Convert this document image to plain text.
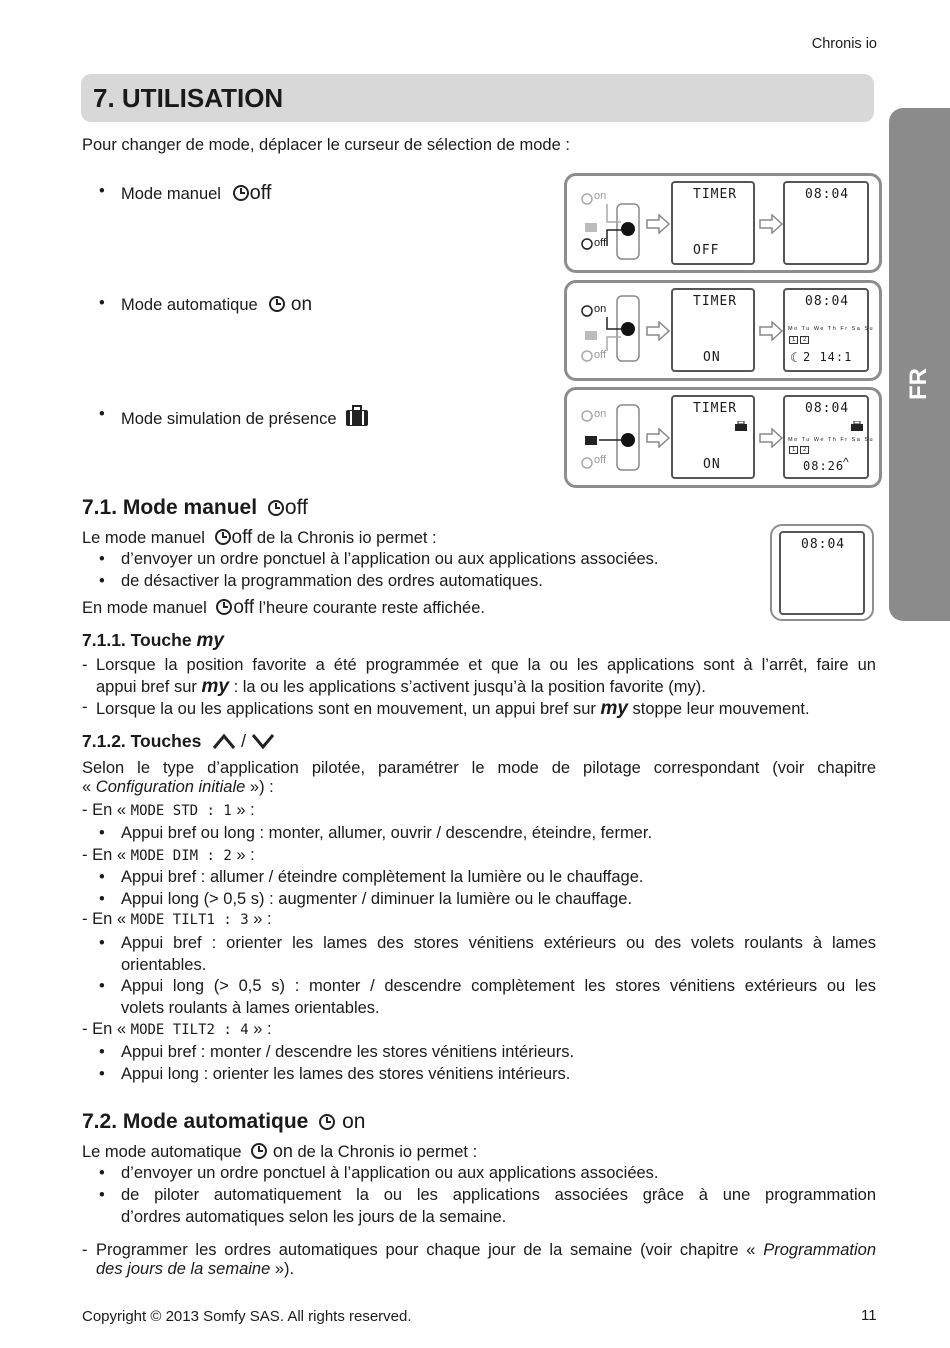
Chronis io
7. UTILISATION
FR
Pour changer de mode, déplacer le curseur de sélection de mode :
• Mode manuel off
• Mode automatique on
• Mode simulation de présence
on
off
TIMER
OFF
08:04
on
off
TIMER
ON
08:04
Mo Tu We Th Fr Sa Su
1 2
☾ 2 14:1
on
off
TIMER
ON
08:04
Mo Tu We Th Fr Sa Su
1 2
08:26
^
7.1. Mode manuel off
Le mode manuel off de la Chronis io permet :
• d’envoyer un ordre ponctuel à l’application ou aux applications associées.
• de désactiver la programmation des ordres automatiques.
En mode manuel off l’heure courante reste affichée.
08:04
7.1.1. Touche my
- Lorsque la position favorite a été programmée et que la ou les applications sont à l’arrêt, faire un
appui bref sur my : la ou les applications s’activent jusqu’à la position favorite (my).
- Lorsque la ou les applications sont en mouvement, un appui bref sur my stoppe leur mouvement.
7.1.2. Touches /
Selon le type d’application pilotée, paramétrer le mode de pilotage correspondant (voir chapitre
« Configuration initiale ») :
- En « MODE STD : 1 » :
• Appui bref ou long : monter, allumer, ouvrir / descendre, éteindre, fermer.
- En « MODE DIM : 2 » :
• Appui bref : allumer / éteindre complètement la lumière ou le chauffage.
• Appui long (> 0,5 s) : augmenter / diminuer la lumière ou le chauffage.
- En « MODE TILT1 : 3 » :
• Appui bref : orienter les lames des stores vénitiens extérieurs ou des volets roulants à lames
orientables.
• Appui long (> 0,5 s) : monter / descendre complètement les stores vénitiens extérieurs ou les
volets roulants à lames orientables.
- En « MODE TILT2 : 4 » :
• Appui bref : monter / descendre les stores vénitiens intérieurs.
• Appui long : orienter les lames des stores vénitiens intérieurs.
7.2. Mode automatique on
Le mode automatique on de la Chronis io permet :
• d’envoyer un ordre ponctuel à l’application ou aux applications associées.
• de piloter automatiquement la ou les applications associées grâce à une programmation
d’ordres automatiques selon les jours de la semaine.
- Programmer les ordres automatiques pour chaque jour de la semaine (voir chapitre « Programmation
des jours de la semaine »).
Copyright © 2013 Somfy SAS. All rights reserved.	11
